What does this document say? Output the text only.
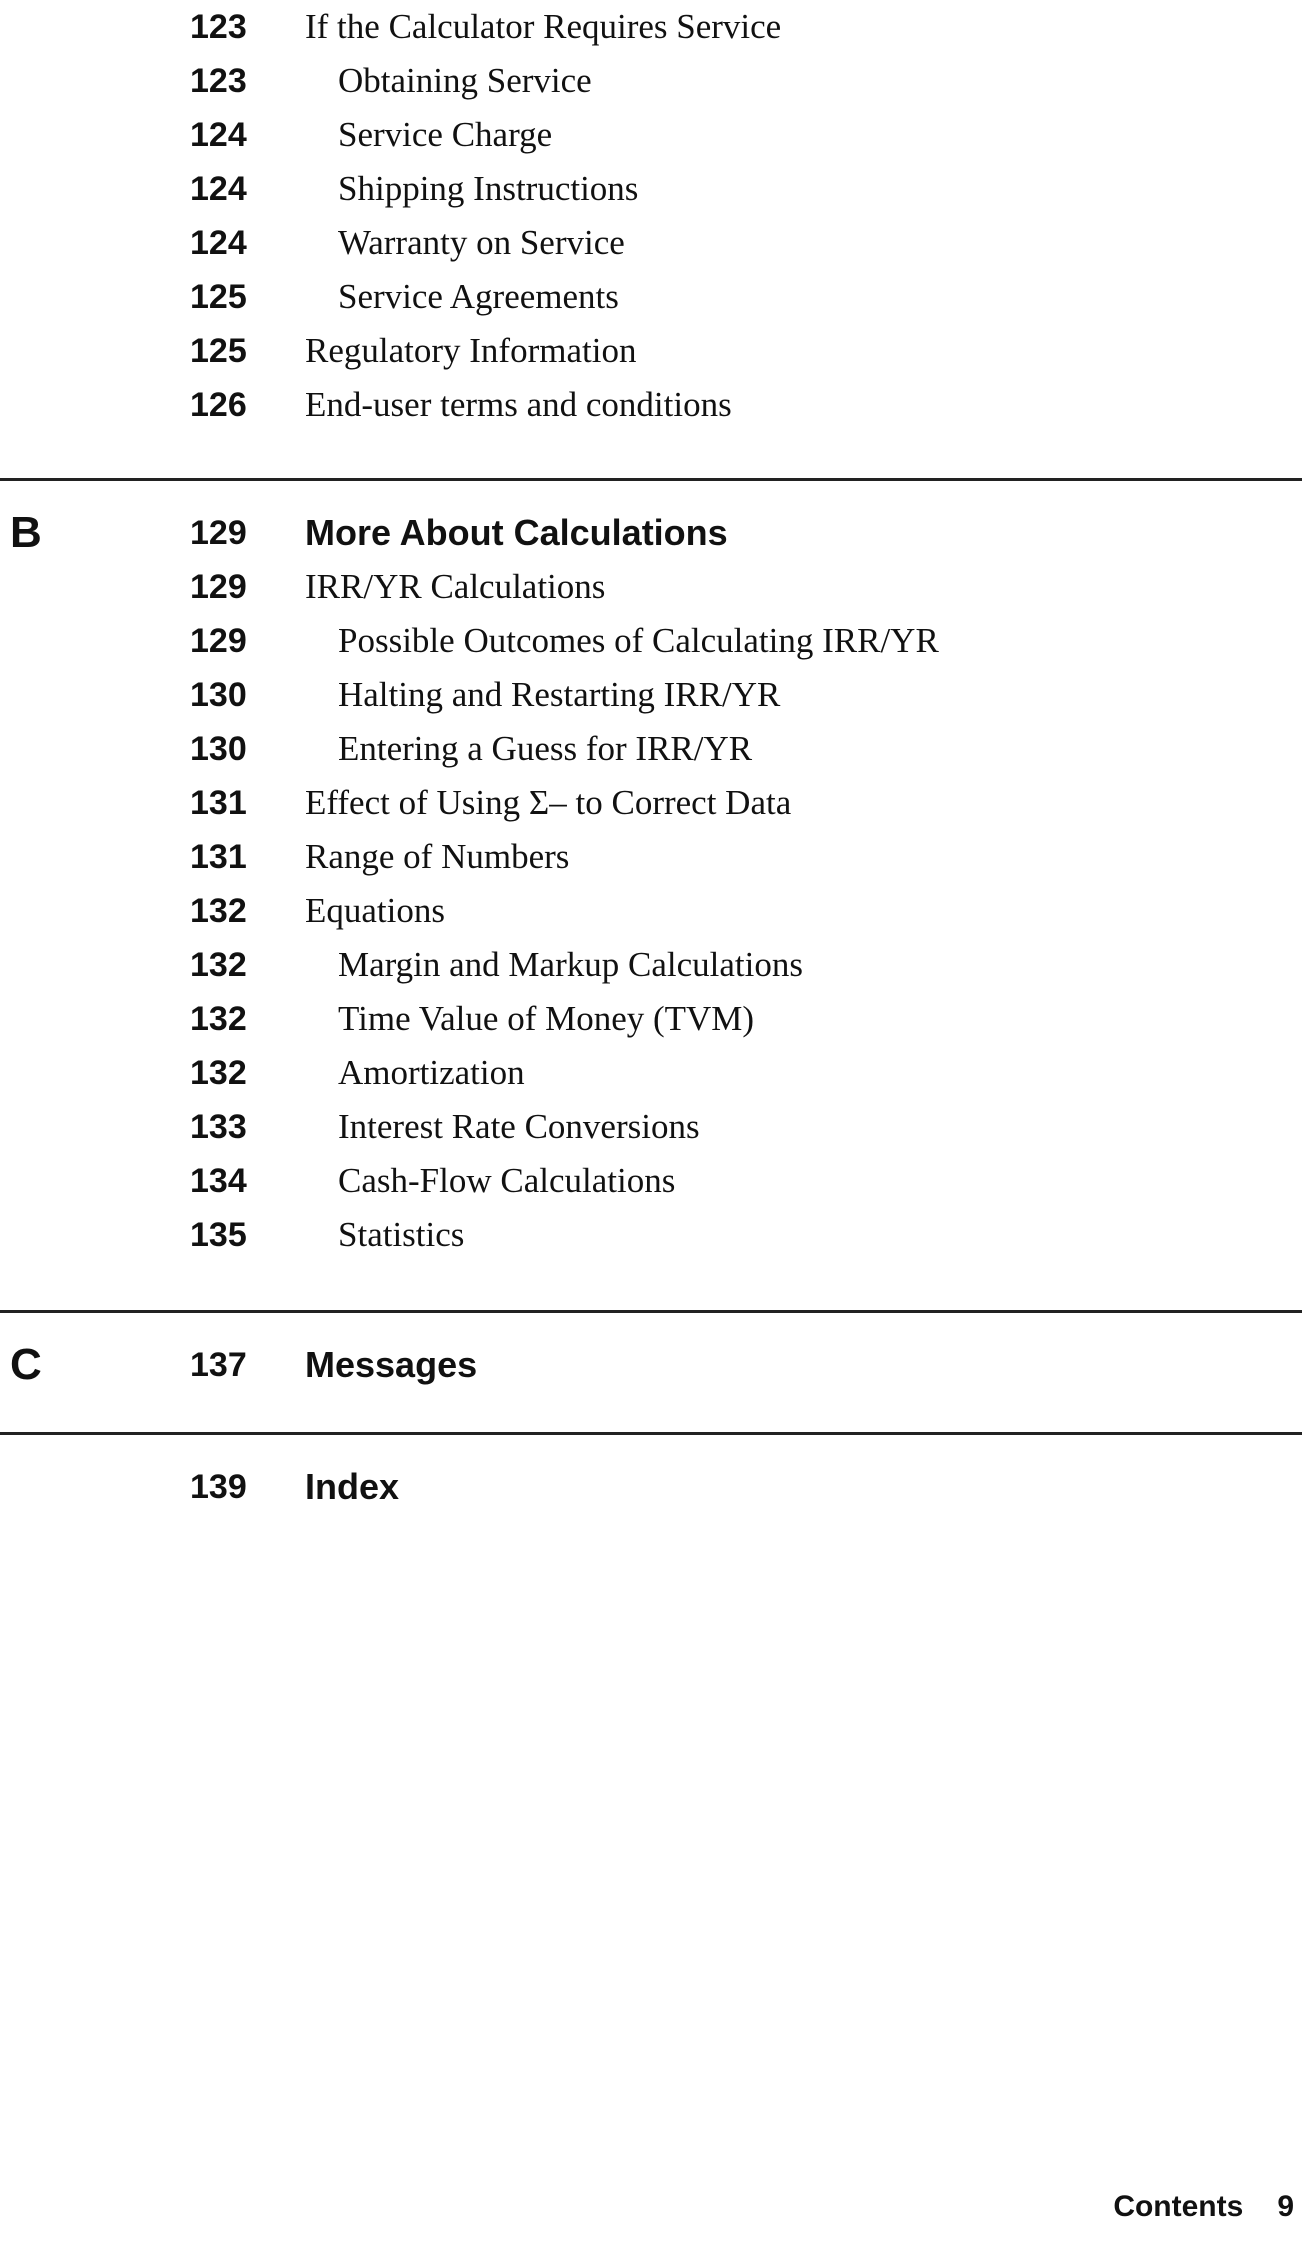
123	If the Calculator Requires Service
123	Obtaining Service
124	Service Charge
124	Shipping Instructions
124	Warranty on Service
125	Service Agreements
125	Regulatory Information
126	End-user terms and conditions
B	129	More About Calculations
129	IRR/YR Calculations
129	Possible Outcomes of Calculating IRR/YR
130	Halting and Restarting IRR/YR
130	Entering a Guess for IRR/YR
131	Effect of Using Σ– to Correct Data
131	Range of Numbers
132	Equations
132	Margin and Markup Calculations
132	Time Value of Money (TVM)
132	Amortization
133	Interest Rate Conversions
134	Cash-Flow Calculations
135	Statistics
C	137	Messages
139	Index
Contents 9
